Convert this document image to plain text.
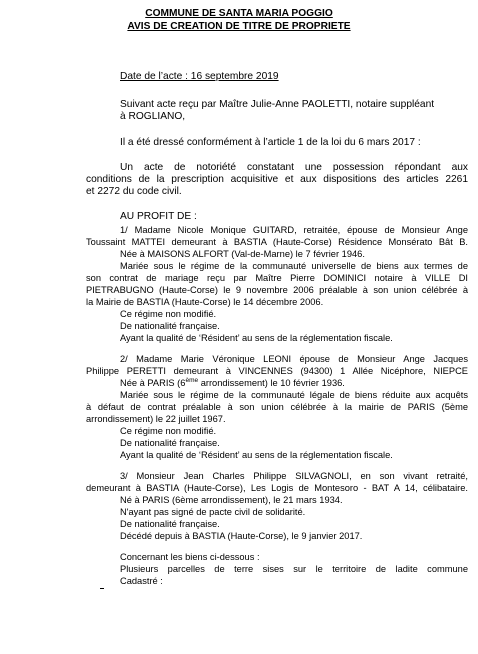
COMMUNE DE SANTA MARIA POGGIO
AVIS DE CREATION DE TITRE DE PROPRIETE
Date de l’acte : 16 septembre 2019
Suivant acte reçu par Maître Julie-Anne PAOLETTI, notaire suppléant
à ROGLIANO,
Il a été dressé conformément à l’article 1 de la loi du 6 mars 2017 :
Un acte de notoriété constatant une possession répondant aux
conditions de la prescription acquisitive et aux dispositions des articles 2261
et 2272 du code civil.
AU PROFIT DE :
1/ Madame Nicole Monique GUITARD, retraitée, épouse de Monsieur Ange
Toussaint MATTEI demeurant à BASTIA (Haute-Corse) Résidence Monsérato Bât B.
Née à MAISONS ALFORT (Val-de-Marne) le 7 février 1946.
Mariée sous le régime de la communauté universelle de biens aux termes de
son contrat de mariage reçu par Maître Pierre DOMINICI notaire à VILLE DI
PIETRABUGNO (Haute-Corse) le 9 novembre 2006 préalable à son union célébrée à
la Mairie de BASTIA (Haute-Corse) le 14 décembre 2006.
Ce régime non modifié.
De nationalité française.
Ayant la qualité de ‘Résident’ au sens de la réglementation fiscale.
2/ Madame Marie Véronique LEONI épouse de Monsieur Ange Jacques
Philippe PERETTI demeurant à VINCENNES (94300) 1 Allée Nicéphore, NIEPCE
Née à PARIS (6ème arrondissement) le 10 février 1936.
Mariée sous le régime de la communauté légale de biens réduite aux acquêts
à défaut de contrat préalable à son union célébrée à la mairie de PARIS (5ème
arrondissement) le 22 juillet 1967.
Ce régime non modifié.
De nationalité française.
Ayant la qualité de ‘Résident’ au sens de la réglementation fiscale.
3/ Monsieur Jean Charles Philippe SILVAGNOLI, en son vivant retraité,
demeurant à BASTIA (Haute-Corse), Les Logis de Montesoro - BAT A 14, célibataire.
Né à PARIS (6ème arrondissement), le 21 mars 1934.
N'ayant pas signé de pacte civil de solidarité.
De nationalité française.
Décédé depuis à BASTIA (Haute-Corse), le 9 janvier 2017.
Concernant les biens ci-dessous :
Plusieurs parcelles de terre sises sur le territoire de ladite commune
Cadastré :
